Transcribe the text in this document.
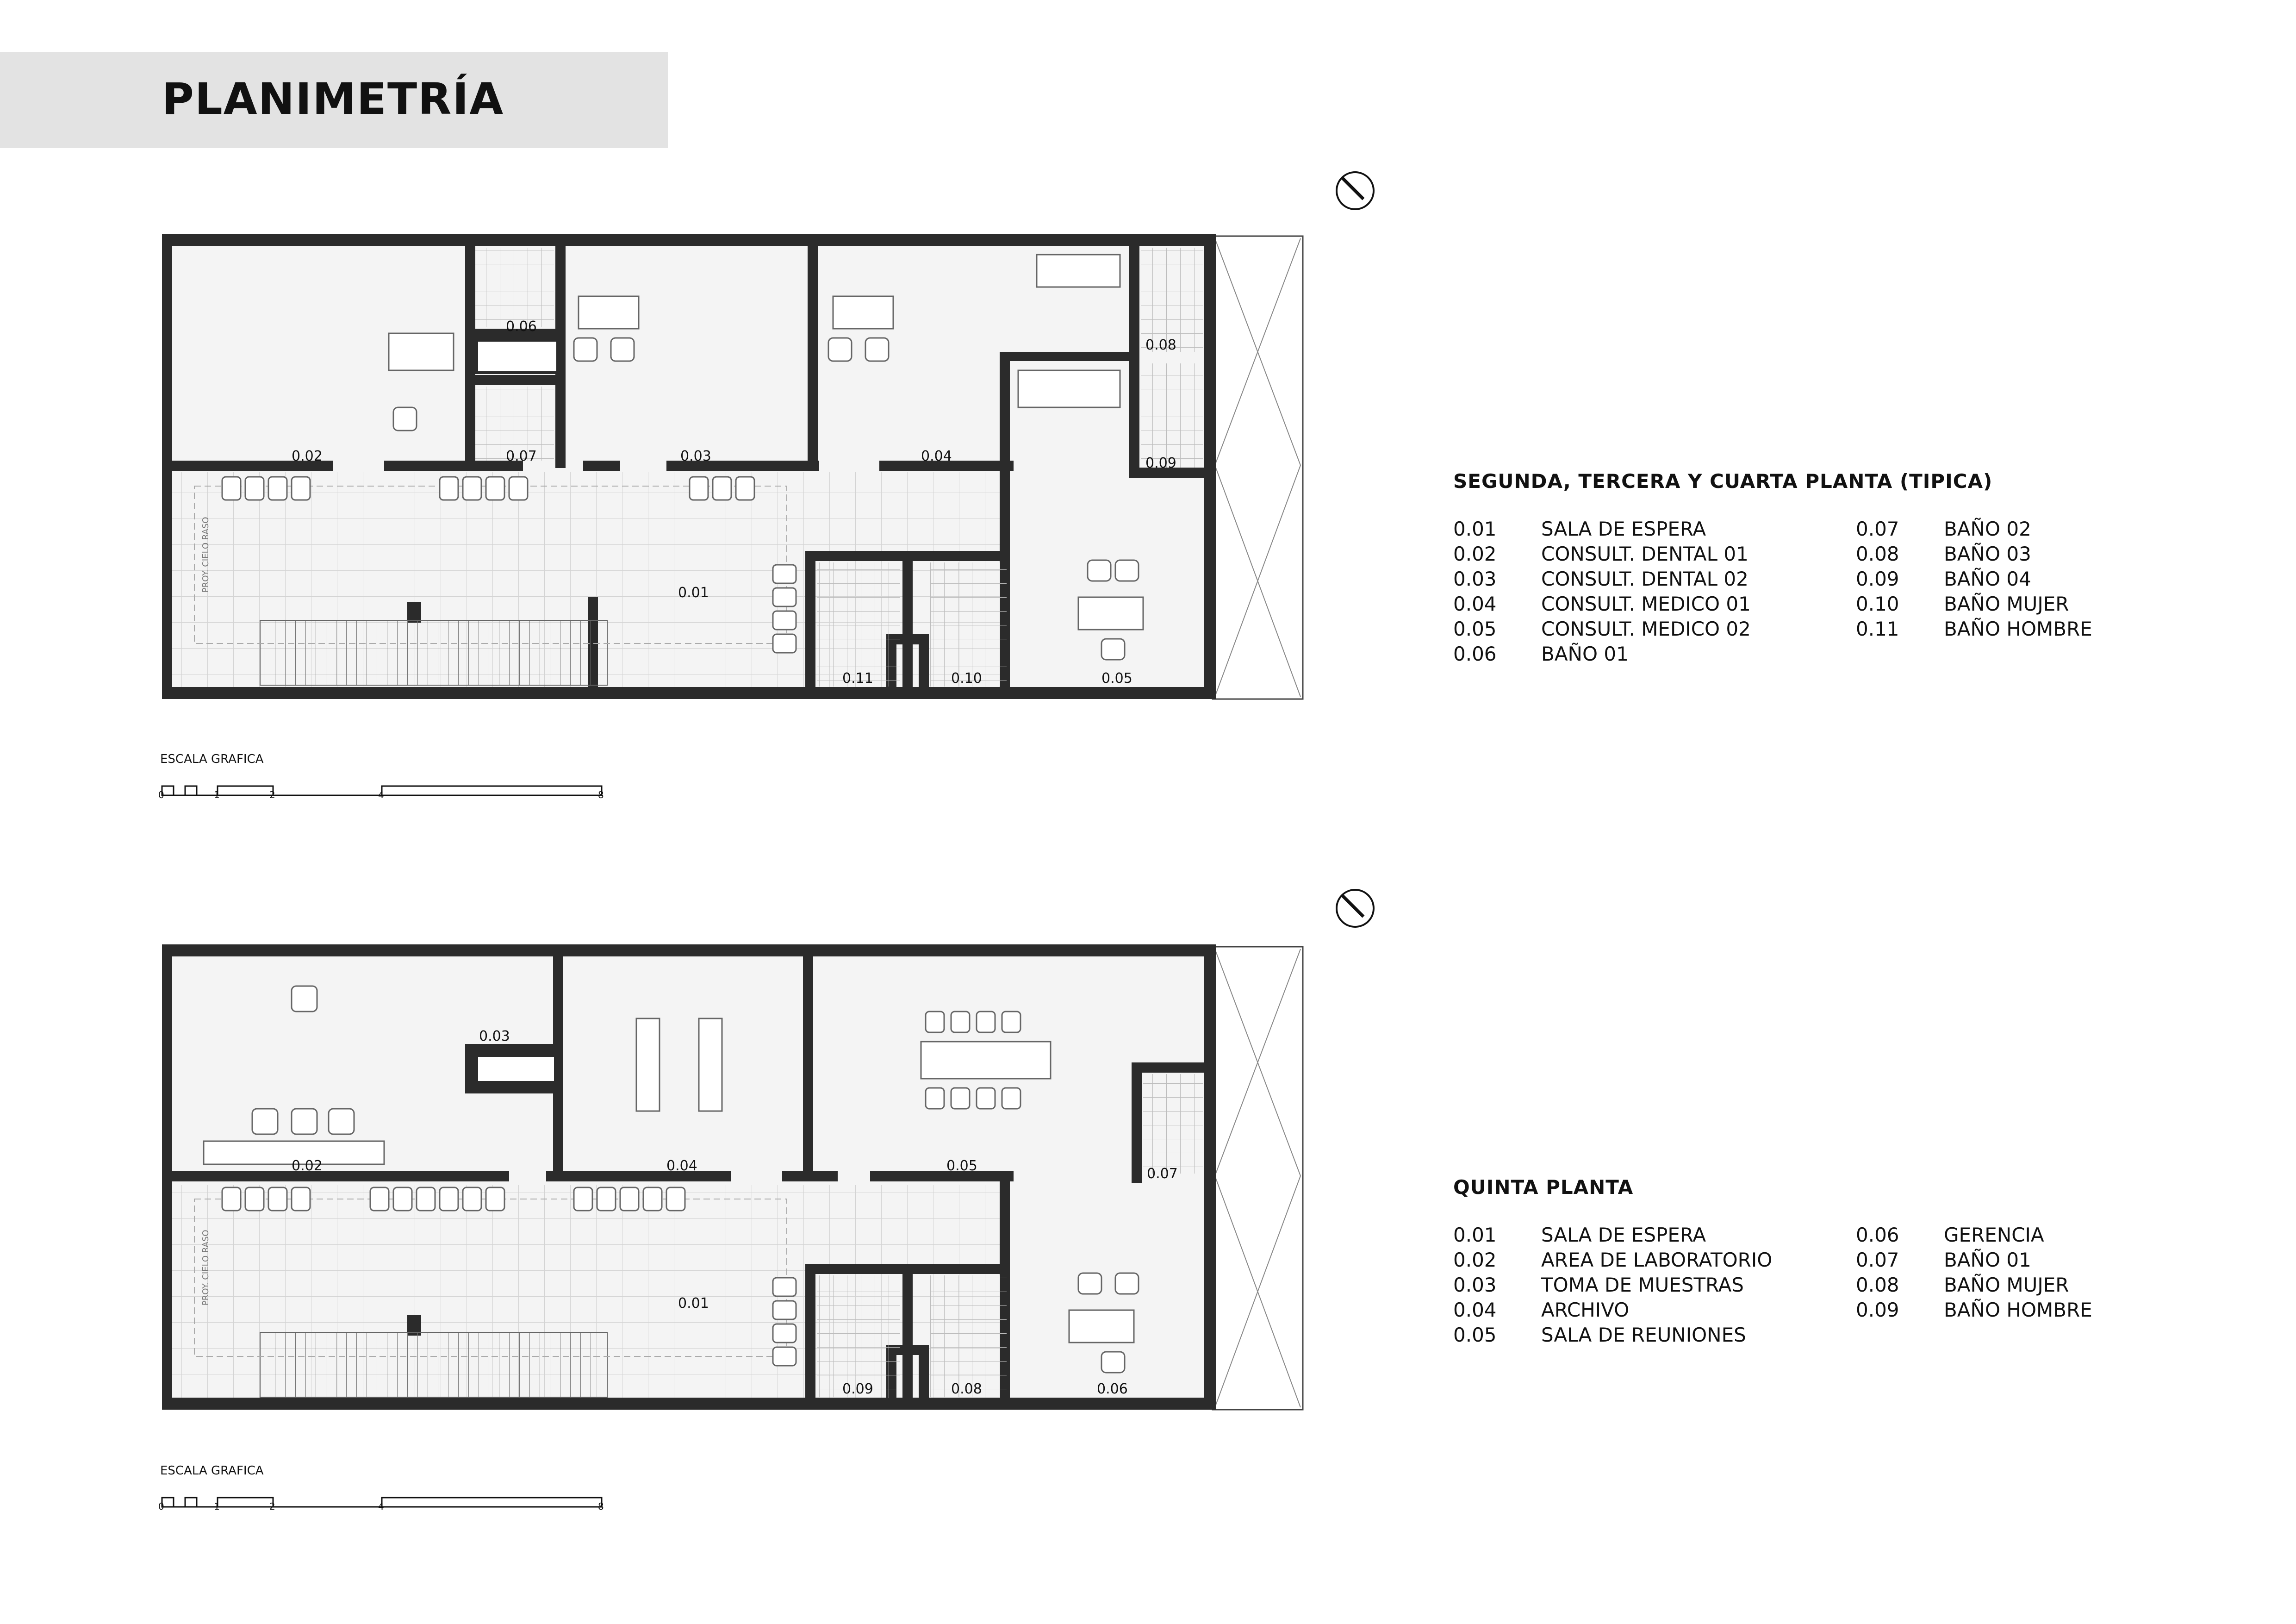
PLANIMETRÍA
0.06
0.02	0.07	0.03	0.04
0.08
0.09
0.01
0.11	0.10	0.05
PROY. CIELO RASO
0.03
0.02	0.04	0.05	0.07
0.01
0.09	0.08	0.06
PROY. CIELO RASO
SEGUNDA, TERCERA Y CUARTA PLANTA (TIPICA)
0.01	SALA DE ESPERA
0.02	CONSULT. DENTAL 01
0.03	CONSULT. DENTAL 02
0.04	CONSULT. MEDICO 01
0.05	CONSULT. MEDICO 02
0.06	BAÑO 01
0.07	BAÑO 02
0.08	BAÑO 03
0.09	BAÑO 04
0.10	BAÑO MUJER
0.11	BAÑO HOMBRE
QUINTA PLANTA
0.01	SALA DE ESPERA
0.02	AREA DE LABORATORIO
0.03	TOMA DE MUESTRAS
0.04	ARCHIVO
0.05	SALA DE REUNIONES
0.06	GERENCIA
0.07	BAÑO 01
0.08	BAÑO MUJER
0.09	BAÑO HOMBRE
ESCALA GRAFICA
0	1	2	4	8
ESCALA GRAFICA
0	1	2	4	8
